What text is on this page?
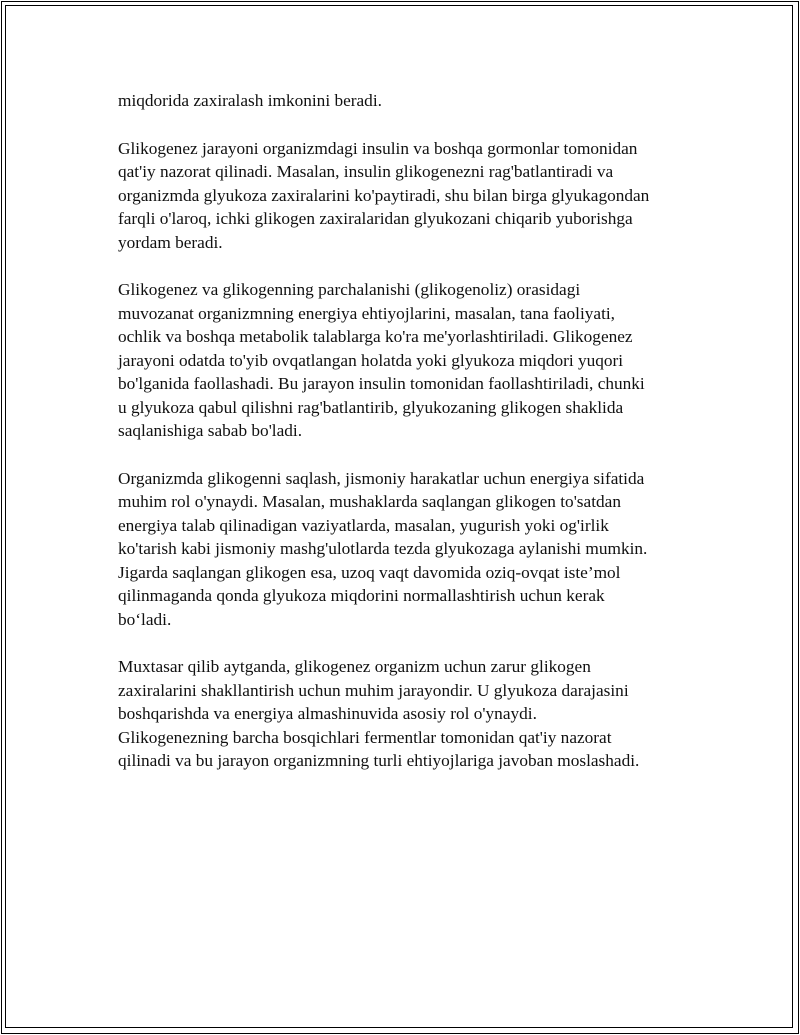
miqdorida zaxiralash imkonini beradi.

Glikogenez jarayoni organizmdagi insulin va boshqa gormonlar tomonidan
qat'iy nazorat qilinadi. Masalan, insulin glikogenezni rag'batlantiradi va
organizmda glyukoza zaxiralarini ko'paytiradi, shu bilan birga glyukagondan
farqli o'laroq, ichki glikogen zaxiralaridan glyukozani chiqarib yuborishga
yordam beradi.

Glikogenez va glikogenning parchalanishi (glikogenoliz) orasidagi
muvozanat organizmning energiya ehtiyojlarini, masalan, tana faoliyati,
ochlik va boshqa metabolik talablarga ko'ra me'yorlashtiriladi. Glikogenez
jarayoni odatda to'yib ovqatlangan holatda yoki glyukoza miqdori yuqori
bo'lganida faollashadi. Bu jarayon insulin tomonidan faollashtiriladi, chunki
u glyukoza qabul qilishni rag'batlantirib, glyukozaning glikogen shaklida
saqlanishiga sabab bo'ladi.

Organizmda glikogenni saqlash, jismoniy harakatlar uchun energiya sifatida
muhim rol o'ynaydi. Masalan, mushaklarda saqlangan glikogen to'satdan
energiya talab qilinadigan vaziyatlarda, masalan, yugurish yoki og'irlik
ko'tarish kabi jismoniy mashg'ulotlarda tezda glyukozaga aylanishi mumkin.
Jigarda saqlangan glikogen esa, uzoq vaqt davomida oziq-ovqat iste’mol
qilinmaganda qonda glyukoza miqdorini normallashtirish uchun kerak
bo‘ladi.

Muxtasar qilib aytganda, glikogenez organizm uchun zarur glikogen
zaxiralarini shakllantirish uchun muhim jarayondir. U glyukoza darajasini
boshqarishda va energiya almashinuvida asosiy rol o'ynaydi.
Glikogenezning barcha bosqichlari fermentlar tomonidan qat'iy nazorat
qilinadi va bu jarayon organizmning turli ehtiyojlariga javoban moslashadi.
